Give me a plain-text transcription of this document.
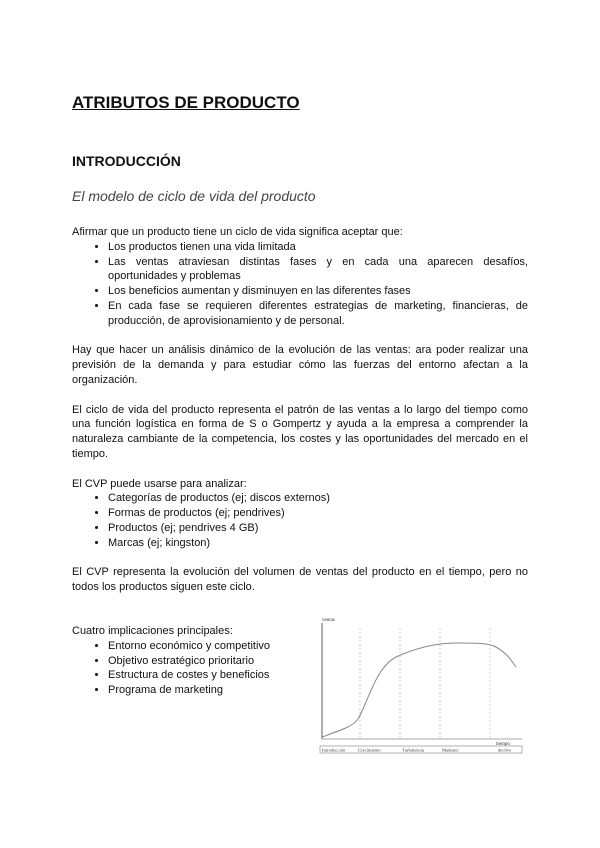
ATRIBUTOS DE PRODUCTO
INTRODUCCIÓN

El modelo de ciclo de vida del producto

Afirmar que un producto tiene un ciclo de vida significa aceptar que:

• Los productos tienen una vida limitada
• Las ventas atraviesan distintas fases y en cada una aparecen desafíos, oportunidades y problemas
• Los beneficios aumentan y disminuyen en las diferentes fases
• En cada fase se requieren diferentes estrategias de marketing, financieras, de producción, de aprovisionamiento y de personal.

Hay que hacer un análisis dinámico de la evolución de las ventas: ara poder realizar una previsión de la demanda y para estudiar cómo las fuerzas del entorno afectan a la organización.

El ciclo de vida del producto representa el patrón de las ventas a lo largo del tiempo como una función logística en forma de S o Gompertz y ayuda a la empresa a comprender la naturaleza cambiante de la competencia, los costes y las oportunidades del mercado en el tiempo.

El CVP puede usarse para analizar:

• Categorías de productos (ej; discos externos)
• Formas de productos (ej; pendrives)
• Productos (ej; pendrives 4 GB)
• Marcas (ej; kingston)

El CVP representa la evolución del volumen de ventas del producto en el tiempo, pero no todos los productos siguen este ciclo.

Cuatro implicaciones principales:

• Entorno económico y competitivo
• Objetivo estratégico prioritario
• Estructura de costes y beneficios
• Programa de marketing
ventas
tiempo
Introducción	Crecimiento	Turbulencia	Madurez	declive
